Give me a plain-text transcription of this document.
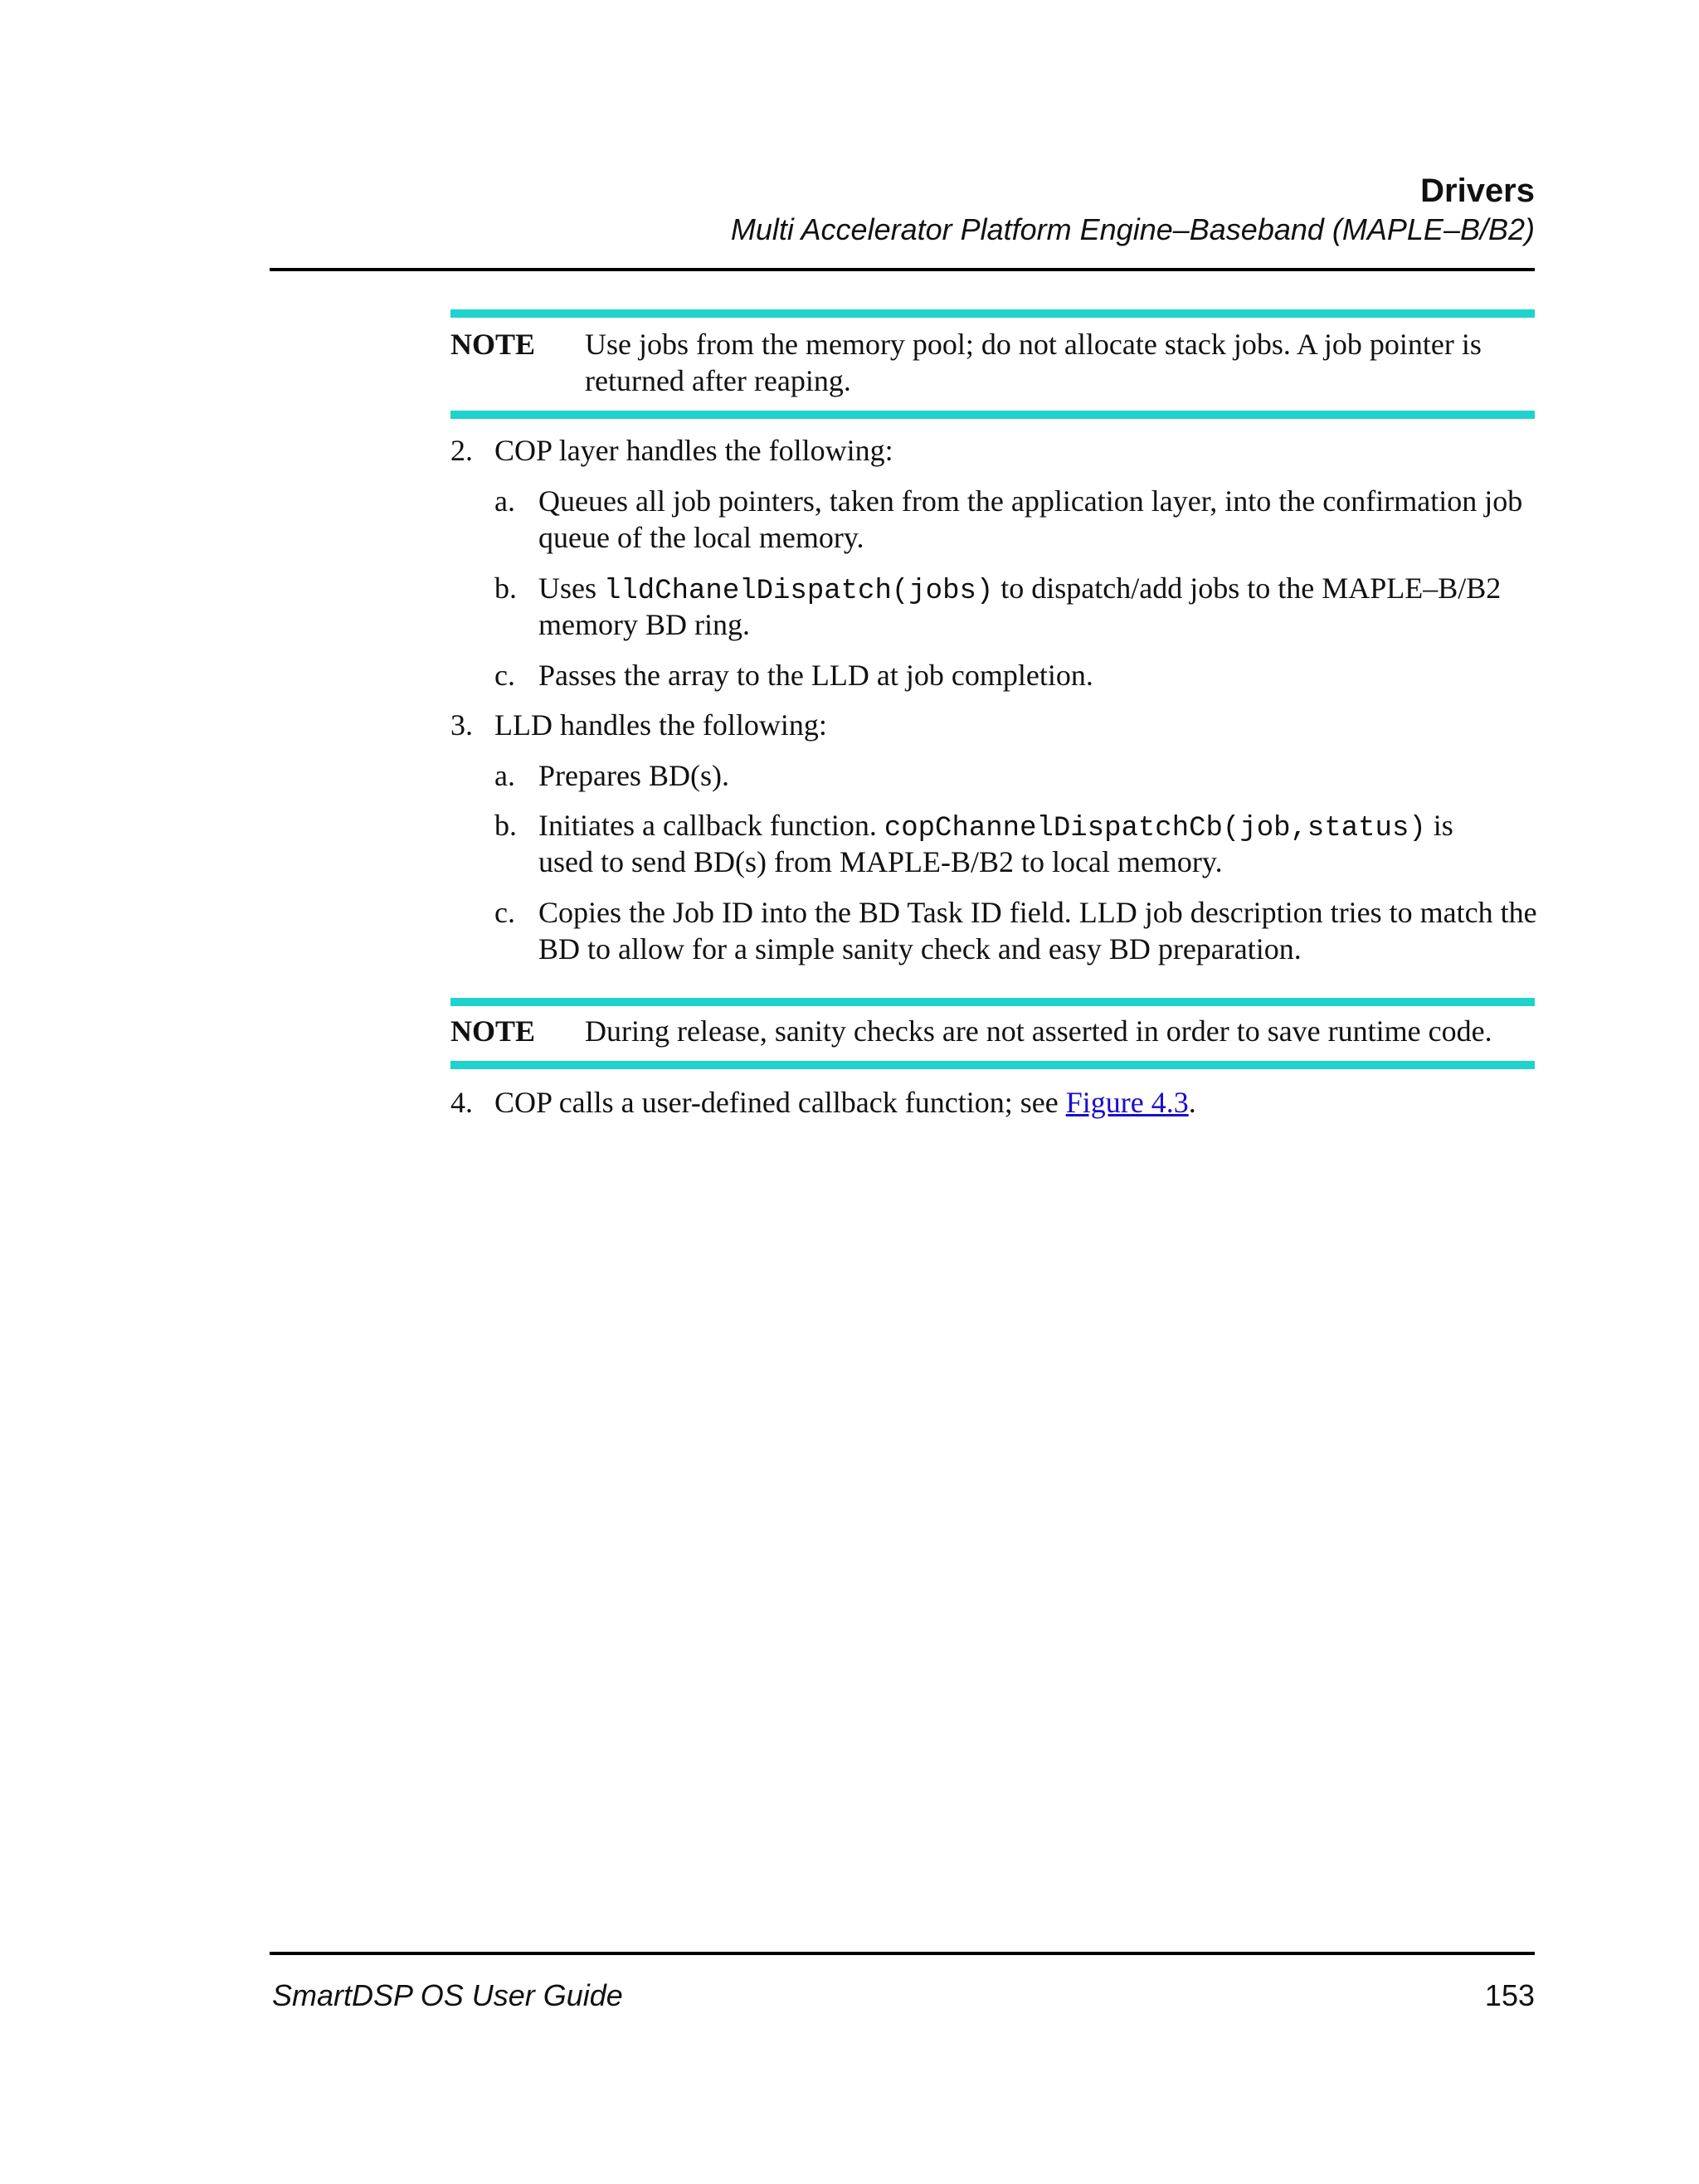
Drivers
Multi Accelerator Platform Engine–Baseband (MAPLE–B/B2)
NOTE	Use jobs from the memory pool; do not allocate stack jobs. A job pointer is
returned after reaping.
2. COP layer handles the following:
a. Queues all job pointers, taken from the application layer, into the confirmation job
queue of the local memory.
b. Uses lldChanelDispatch(jobs) to dispatch/add jobs to the MAPLE–B/B2
memory BD ring.
c. Passes the array to the LLD at job completion.
3. LLD handles the following:
a. Prepares BD(s).
b. Initiates a callback function. copChannelDispatchCb(job,status) is
used to send BD(s) from MAPLE-B/B2 to local memory.
c. Copies the Job ID into the BD Task ID field. LLD job description tries to match the
BD to allow for a simple sanity check and easy BD preparation.
NOTE	During release, sanity checks are not asserted in order to save runtime code.
4. COP calls a user-defined callback function; see Figure 4.3.
SmartDSP OS User Guide	153
